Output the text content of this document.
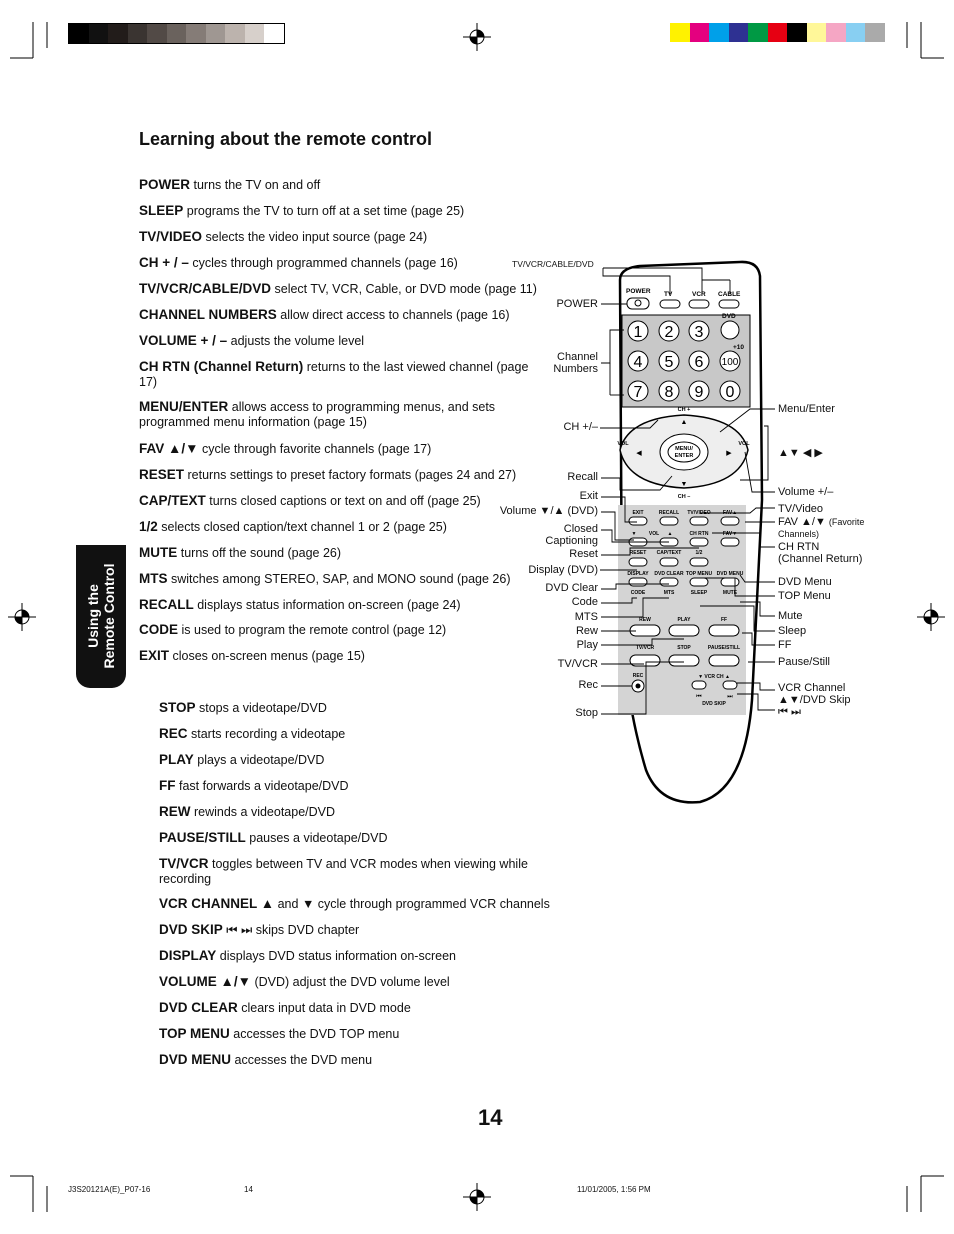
Learning about the remote control
Using the
Remote Control
POWER turns the TV on and off
SLEEP programs the TV to turn off at a set time (page 25)
TV/VIDEO selects the video input source (page 24)
CH + / – cycles through programmed channels (page 16)
TV/VCR/CABLE/DVD select TV, VCR, Cable, or DVD mode (page 11)
CHANNEL NUMBERS allow direct access to channels (page 16)
VOLUME + / – adjusts the volume level
CH RTN (Channel Return) returns to the last viewed channel (page 17)
MENU/ENTER allows access to programming menus, and sets programmed menu information (page 15)
FAV ▲/▼ cycle through favorite channels (page 17)
RESET returns settings to preset factory formats (pages 24 and 27)
CAP/TEXT turns closed captions or text on and off (page 25)
1/2 selects closed caption/text channel 1 or 2 (page 25)
MUTE turns off the sound (page 26)
MTS switches among STEREO, SAP, and MONO sound (page 26)
RECALL displays status information on-screen (page 24)
CODE is used to program the remote control (page 12)
EXIT closes on-screen menus (page 15)
STOP stops a videotape/DVD
REC starts recording a videotape
PLAY plays a videotape/DVD
FF fast forwards a videotape/DVD
REW rewinds a videotape/DVD
PAUSE/STILL pauses a videotape/DVD
TV/VCR toggles between TV and VCR modes when viewing while recording
VCR CHANNEL ▲ and ▼ cycle through programmed VCR channels
DVD SKIP ⏮ ⏭ skips DVD chapter
DISPLAY displays DVD status information on-screen
VOLUME ▲/▼ (DVD) adjust the DVD volume level
DVD CLEAR clears input data in DVD mode
TOP MENU accesses the DVD TOP menu
DVD MENU accesses the DVD menu
POWER TV	VCR CABLE
DVD
+10
1 2 3
4 5 6
7 8 9 0
100
▲
▼
◀	▶
CH +
CH –
VOL	VOL
MENU/
ENTER
EXIT	RECALL TV/VIDEO FAV▲
▼ VOL ▲	CH RTN	FAV▼
RESET CAP/TEXT	1/2
DISPLAY DVD CLEAR TOP MENU DVD MENU
CODE	MTS	SLEEP	MUTE
REW	PLAY	FF
TV/VCR	STOP	PAUSE/STILL
REC	▼ VCR CH ▲
DVD SKIP
⏮	⏭
TV/VCR/CABLE/DVD
POWER
Channel
Numbers
CH +/–
Recall
Exit
Volume ▼/▲ (DVD)
Closed
Captioning
Reset
Display (DVD)
DVD Clear
Code
MTS
Rew
Play
TV/VCR
Rec
Stop
Menu/Enter
▲▼ ◀ ▶
Volume +/–
TV/Video
FAV ▲/▼ (Favorite
Channels)
CH RTN
(Channel Return)
DVD Menu
TOP Menu
Mute
Sleep
FF
Pause/Still
VCR Channel
▲▼/DVD Skip
⏮ ⏭
14
J3S20121A(E)_P07-16	14	11/01/2005, 1:56 PM
